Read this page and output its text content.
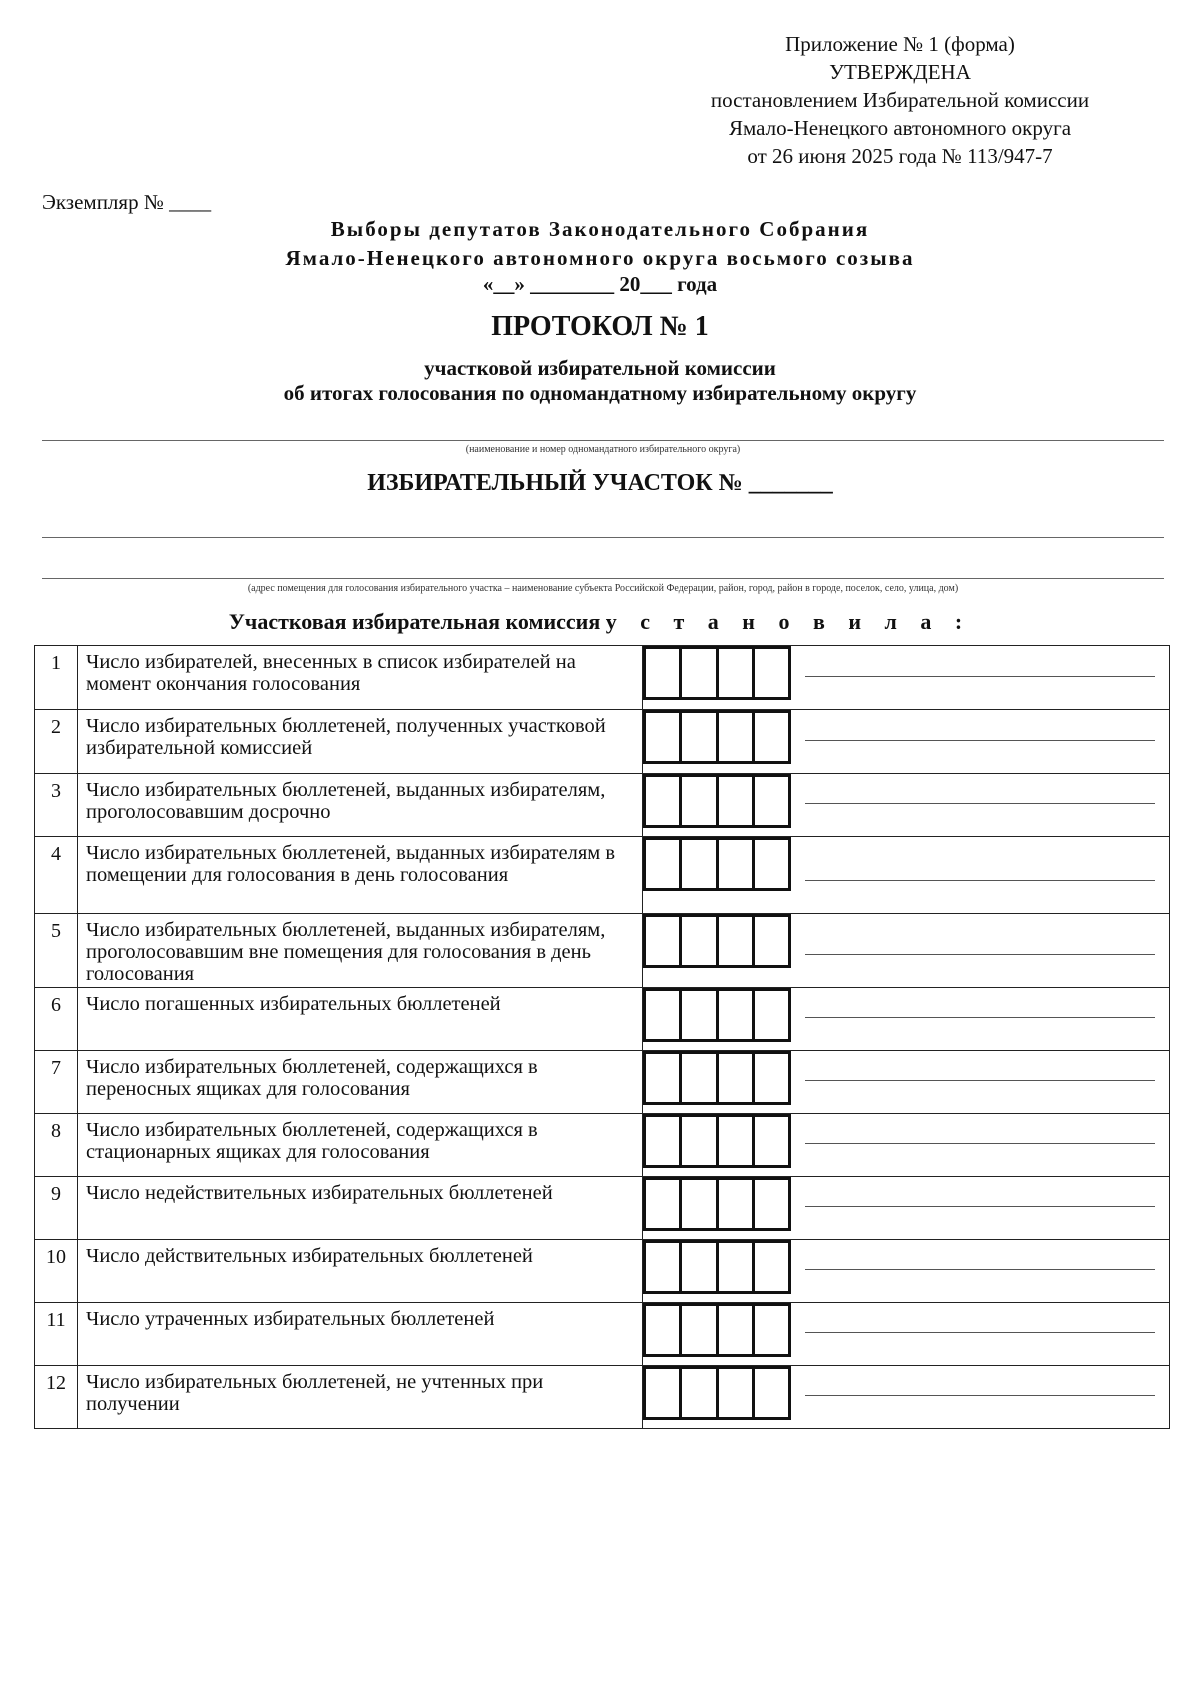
Приложение № 1 (форма)
УТВЕРЖДЕНА
постановлением Избирательной комиссии
Ямало-Ненецкого автономного округа
от 26 июня 2025 года № 113/947-7
Экземпляр № ____
Выборы депутатов Законодательного Собрания
Ямало-Ненецкого автономного округа восьмого созыва
«__» ________ 20___ года
ПРОТОКОЛ № 1
участковой избирательной комиссии
об итогах голосования по одномандатному избирательному округу
(наименование и номер одномандатного избирательного округа)
ИЗБИРАТЕЛЬНЫЙ УЧАСТОК № _______
(адрес помещения для голосования избирательного участка – наименование субъекта Российской Федерации, район, город, район в городе, поселок, село, улица, дом)
Участковая избирательная комиссия у с т а н о в и л а :
1	Число избирателей, внесенных в список избирателей на момент окончания голосования	

2	Число избирательных бюллетеней, полученных участковой избирательной комиссией	

3	Число избирательных бюллетеней, выданных избирателям, проголосовавшим досрочно	

4	Число избирательных бюллетеней, выданных избирателям в помещении для голосования в день голосования	

5	Число избирательных бюллетеней, выданных избирателям, проголосовавшим вне помещения для голосования в день голосования	

6	Число погашенных избирательных бюллетеней	

7	Число избирательных бюллетеней, содержащихся в переносных ящиках для голосования	

8	Число избирательных бюллетеней, содержащихся в стационарных ящиках для голосования	

9	Число недействительных избирательных бюллетеней	

10	Число действительных избирательных бюллетеней	

11	Число утраченных избирательных бюллетеней	

12	Число избирательных бюллетеней, не учтенных при получении	
